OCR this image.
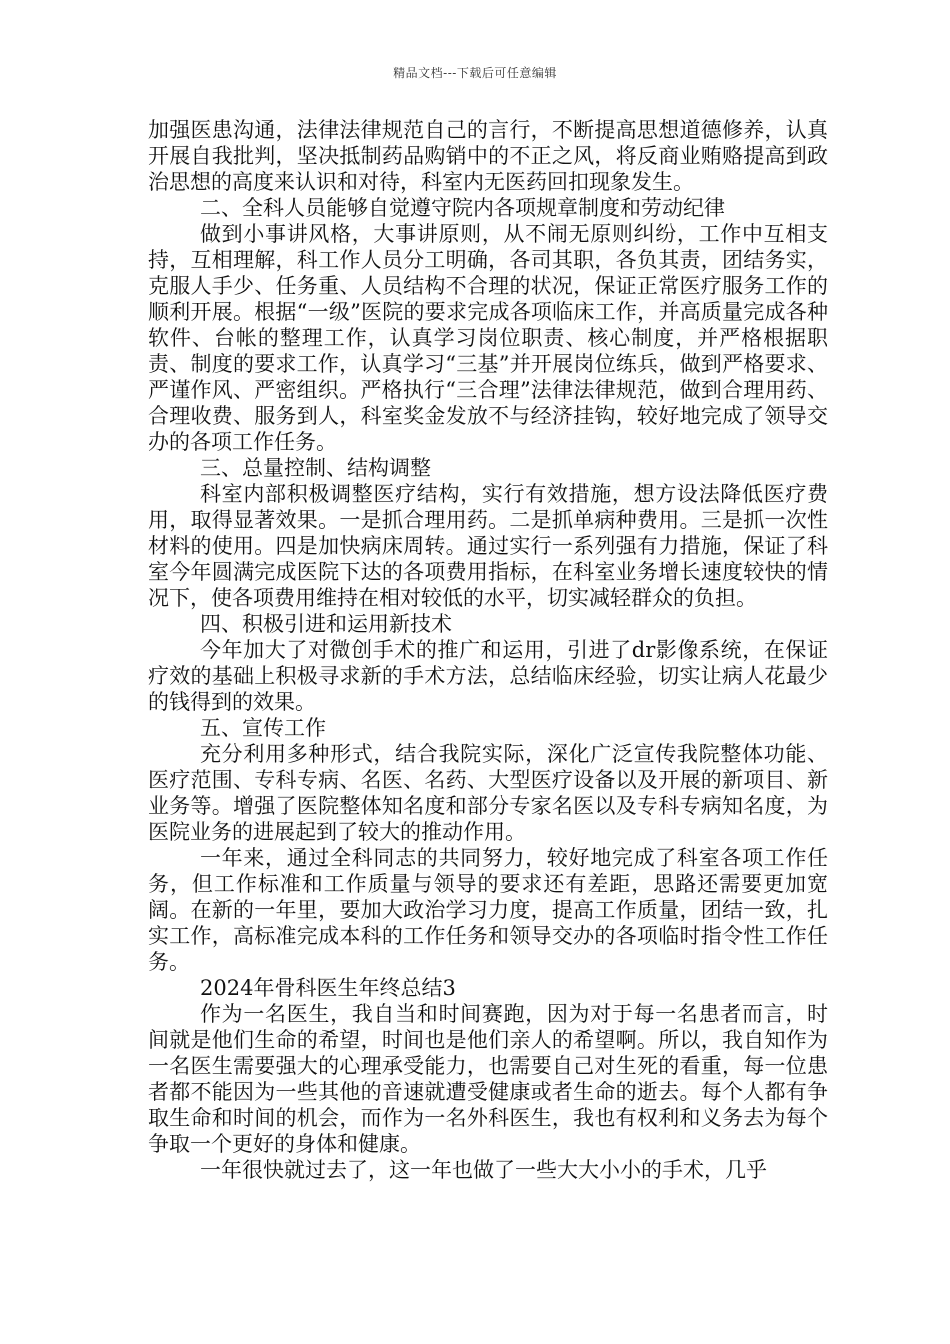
精品文档---下载后可任意编辑

加强医患沟通，法律法律规范自己的言行，不断提高思想道德修养，认真开展自我批判，坚决抵制药品购销中的不正之风，将反商业贿赂提高到政治思想的高度来认识和对待，科室内无医药回扣现象发生。

二、全科人员能够自觉遵守院内各项规章制度和劳动纪律

做到小事讲风格，大事讲原则，从不闹无原则纠纷，工作中互相支持，互相理解，科工作人员分工明确，各司其职，各负其责，团结务实，克服人手少、任务重、人员结构不合理的状况，保证正常医疗服务工作的顺利开展。根据“一级”医院的要求完成各项临床工作，并高质量完成各种软件、台帐的整理工作，认真学习岗位职责、核心制度，并严格根据职责、制度的要求工作，认真学习“三基”并开展岗位练兵，做到严格要求、严谨作风、严密组织。严格执行“三合理”法律法律规范，做到合理用药、合理收费、服务到人，科室奖金发放不与经济挂钩，较好地完成了领导交办的各项工作任务。

三、总量控制、结构调整

科室内部积极调整医疗结构，实行有效措施，想方设法降低医疗费用，取得显著效果。一是抓合理用药。二是抓单病种费用。三是抓一次性材料的使用。四是加快病床周转。通过实行一系列强有力措施，保证了科室今年圆满完成医院下达的各项费用指标，在科室业务增长速度较快的情况下，使各项费用维持在相对较低的水平，切实减轻群众的负担。

四、积极引进和运用新技术

今年加大了对微创手术的推广和运用，引进了dr影像系统，在保证疗效的基础上积极寻求新的手术方法，总结临床经验，切实让病人花最少的钱得到的效果。

五、宣传工作

充分利用多种形式，结合我院实际，深化广泛宣传我院整体功能、医疗范围、专科专病、名医、名药、大型医疗设备以及开展的新项目、新业务等。增强了医院整体知名度和部分专家名医以及专科专病知名度，为医院业务的进展起到了较大的推动作用。

一年来，通过全科同志的共同努力，较好地完成了科室各项工作任务，但工作标准和工作质量与领导的要求还有差距，思路还需要更加宽阔。在新的一年里，要加大政治学习力度，提高工作质量，团结一致，扎实工作，高标准完成本科的工作任务和领导交办的各项临时指令性工作任务。

2024年骨科医生年终总结3

作为一名医生，我自当和时间赛跑，因为对于每一名患者而言，时间就是他们生命的希望，时间也是他们亲人的希望啊。所以，我自知作为一名医生需要强大的心理承受能力，也需要自己对生死的看重，每一位患者都不能因为一些其他的音速就遭受健康或者生命的逝去。每个人都有争取生命和时间的机会，而作为一名外科医生，我也有权利和义务去为每个争取一个更好的身体和健康。

一年很快就过去了，这一年也做了一些大大小小的手术，几乎
